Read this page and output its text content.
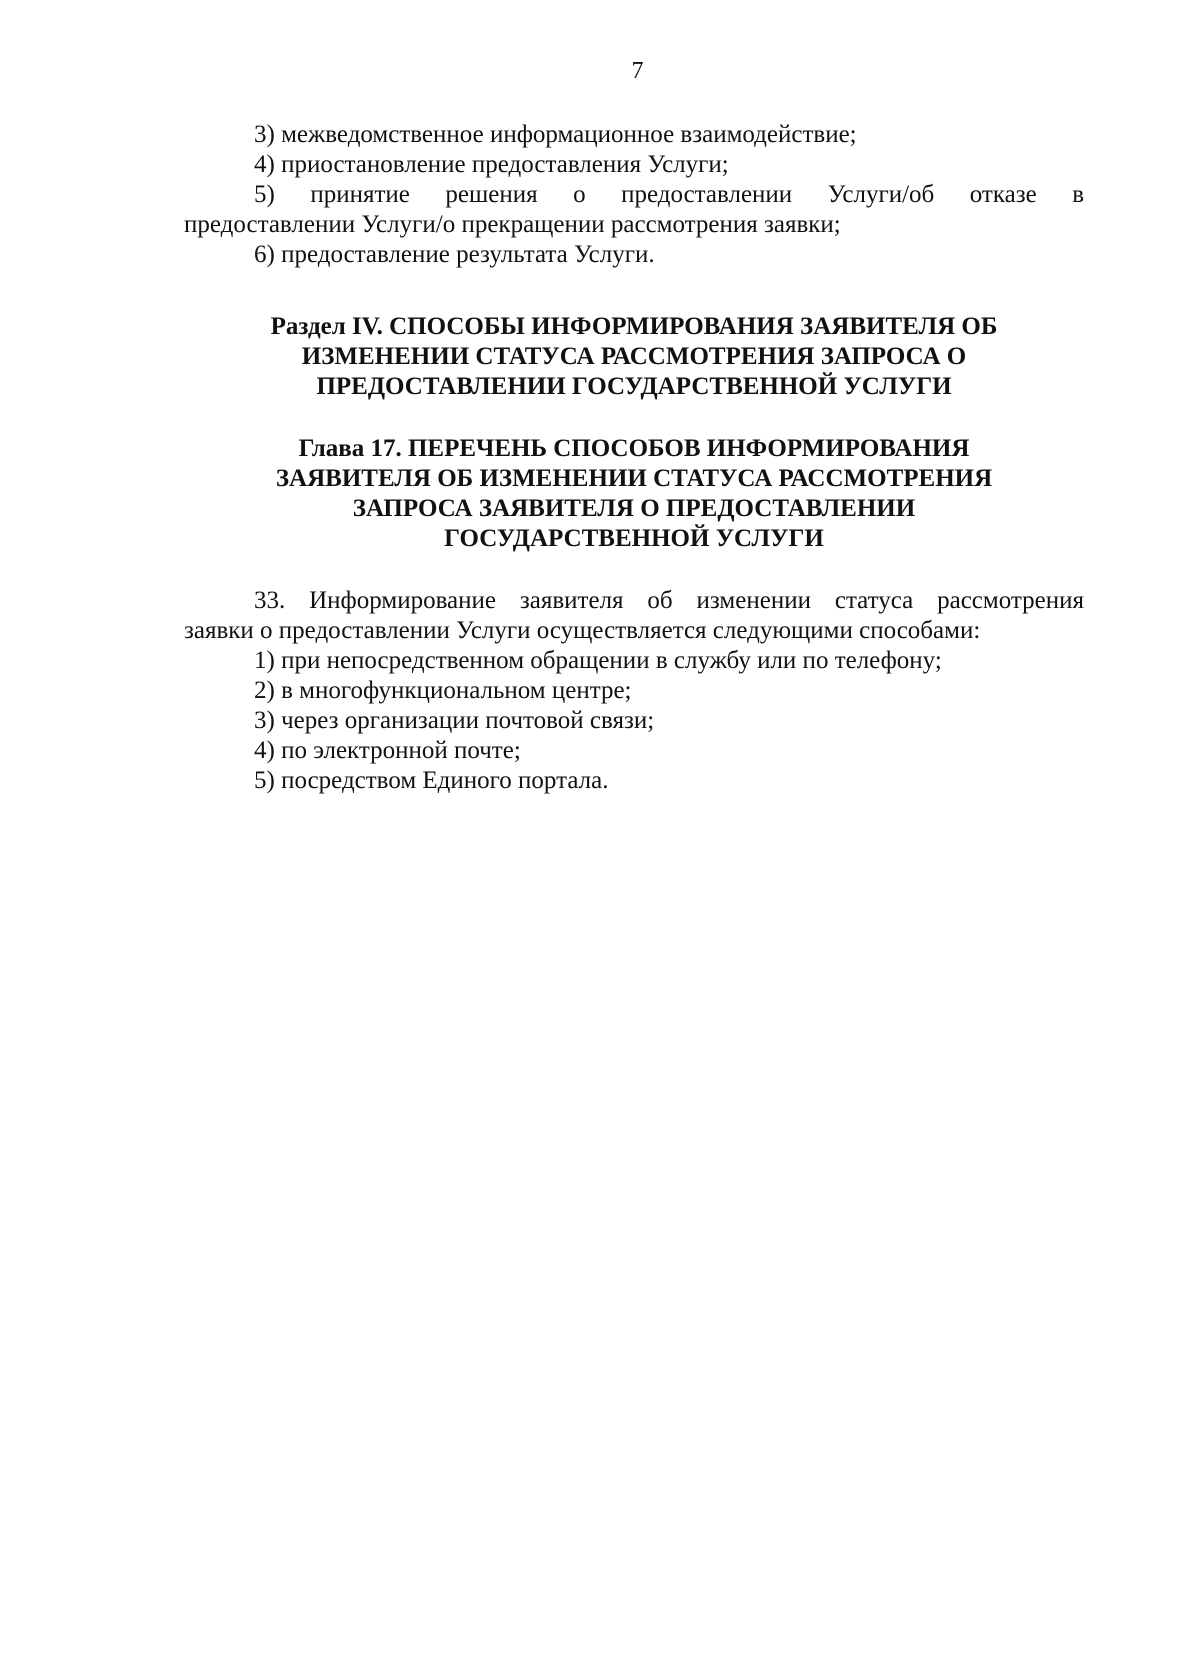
7
3) межведомственное информационное взаимодействие;
4) приостановление предоставления Услуги;
5) принятие решения о предоставлении Услуги/об отказе в
предоставлении Услуги/о прекращении рассмотрения заявки;
6) предоставление результата Услуги.
Раздел IV. СПОСОБЫ ИНФОРМИРОВАНИЯ ЗАЯВИТЕЛЯ ОБ
ИЗМЕНЕНИИ СТАТУСА РАССМОТРЕНИЯ ЗАПРОСА О
ПРЕДОСТАВЛЕНИИ ГОСУДАРСТВЕННОЙ УСЛУГИ
Глава 17. ПЕРЕЧЕНЬ СПОСОБОВ ИНФОРМИРОВАНИЯ
ЗАЯВИТЕЛЯ ОБ ИЗМЕНЕНИИ СТАТУСА РАССМОТРЕНИЯ
ЗАПРОСА ЗАЯВИТЕЛЯ О ПРЕДОСТАВЛЕНИИ
ГОСУДАРСТВЕННОЙ УСЛУГИ
33. Информирование заявителя об изменении статуса рассмотрения
заявки о предоставлении Услуги осуществляется следующими способами:
1) при непосредственном обращении в службу или по телефону;
2) в многофункциональном центре;
3) через организации почтовой связи;
4) по электронной почте;
5) посредством Единого портала.
